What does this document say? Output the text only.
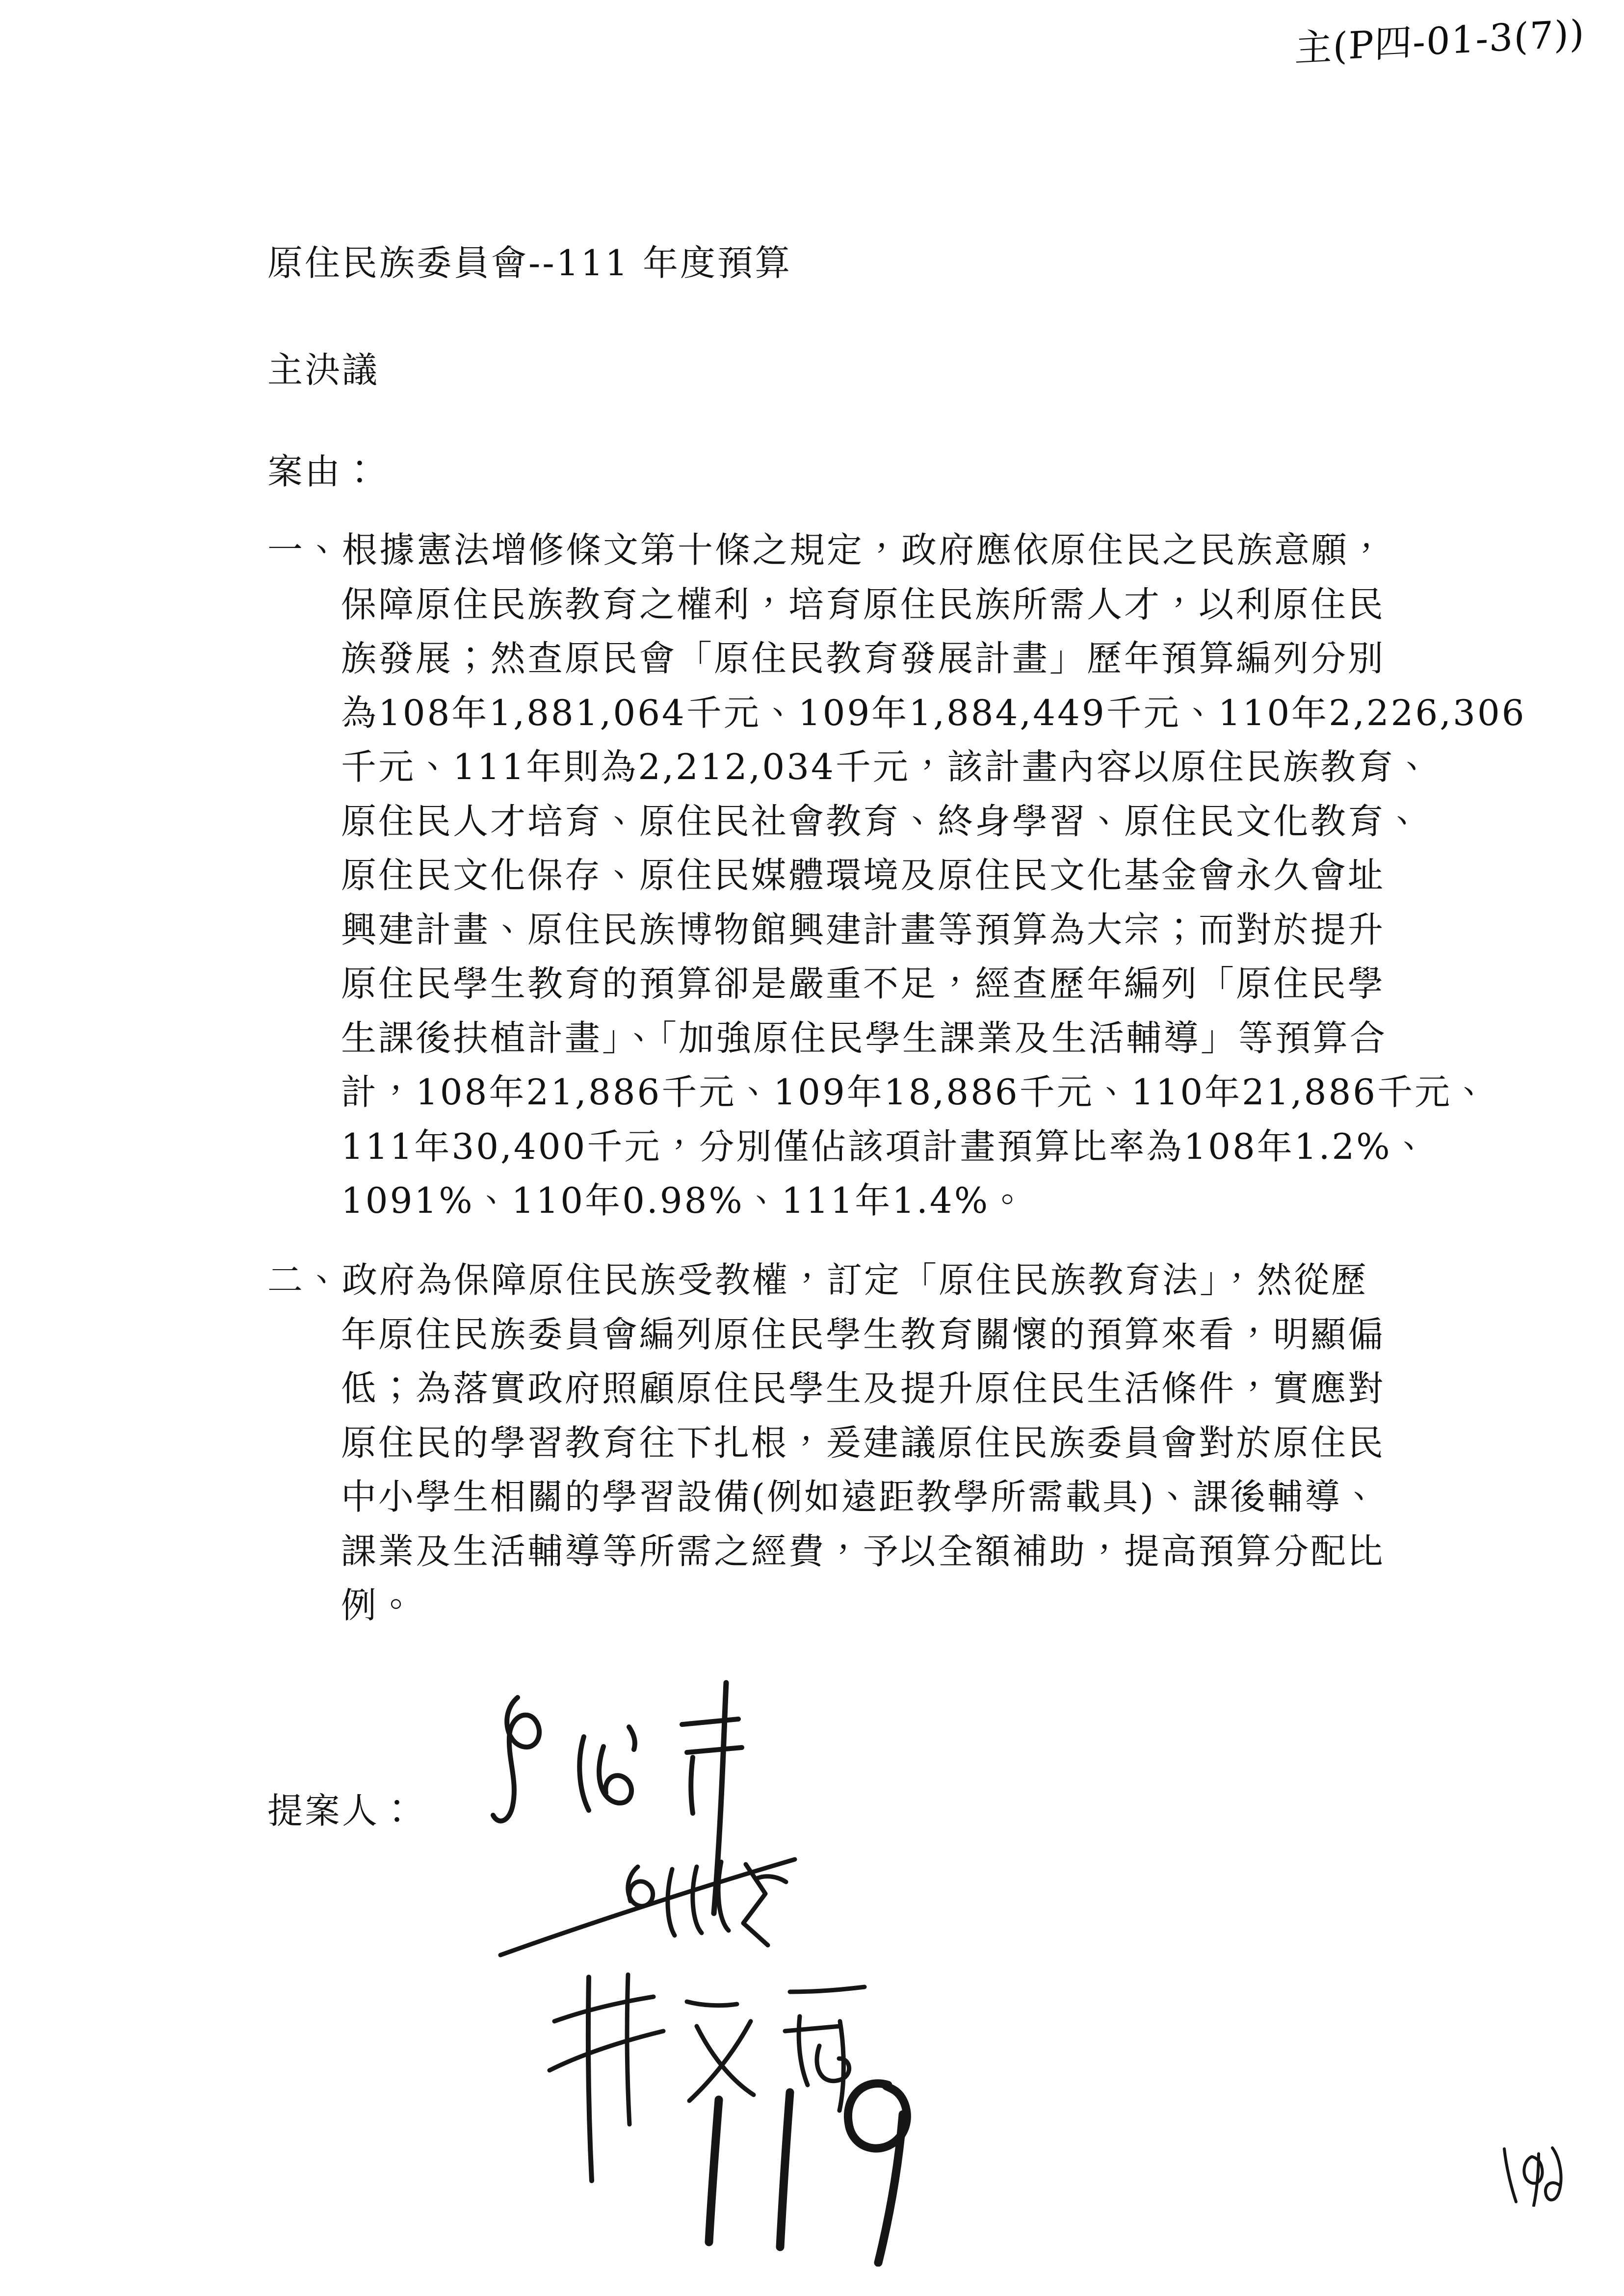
主(P四-01-3(7))
原住民族委員會--111 年度預算
主決議
案由：
一、根據憲法增修條文第十條之規定，政府應依原住民之民族意願，
保障原住民族教育之權利，培育原住民族所需人才，以利原住民
族發展；然查原民會「原住民教育發展計畫」歷年預算編列分別
為108年1,881,064千元、109年1,884,449千元、110年2,226,306
千元、111年則為2,212,034千元，該計畫內容以原住民族教育、
原住民人才培育、原住民社會教育、終身學習、原住民文化教育、
原住民文化保存、原住民媒體環境及原住民文化基金會永久會址
興建計畫、原住民族博物館興建計畫等預算為大宗；而對於提升
原住民學生教育的預算卻是嚴重不足，經查歷年編列「原住民學
生課後扶植計畫」、「加強原住民學生課業及生活輔導」等預算合
計，108年21,886千元、109年18,886千元、110年21,886千元、
111年30,400千元，分別僅佔該項計畫預算比率為108年1.2%、
1091%、110年0.98%、111年1.4%。
二、政府為保障原住民族受教權，訂定「原住民族教育法」，然從歷
年原住民族委員會編列原住民學生教育關懷的預算來看，明顯偏
低；為落實政府照顧原住民學生及提升原住民生活條件，實應對
原住民的學習教育往下扎根，爰建議原住民族委員會對於原住民
中小學生相關的學習設備(例如遠距教學所需載具)、課後輔導、
課業及生活輔導等所需之經費，予以全額補助，提高預算分配比
例。
提案人：
